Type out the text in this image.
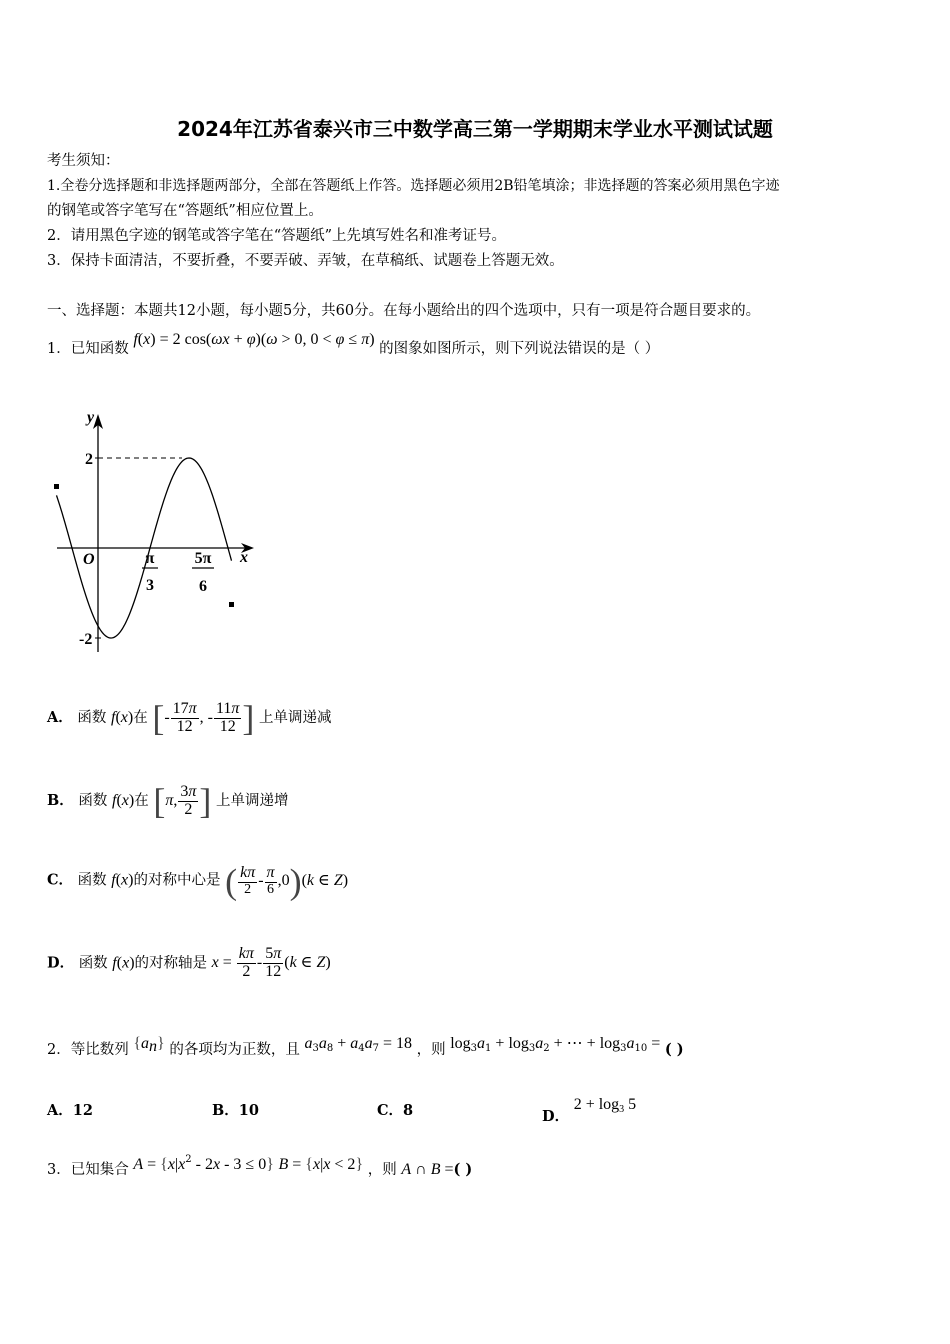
2024年江苏省泰兴市三中数学高三第一学期期末学业水平测试试题
考生须知：
1.全卷分选择题和非选择题两部分，全部在答题纸上作答。选择题必须用2B铅笔填涂；非选择题的答案必须用黑色字迹
的钢笔或答字笔写在“答题纸”相应位置上。
2．请用黑色字迹的钢笔或答字笔在“答题纸”上先填写姓名和准考证号。
3．保持卡面清洁，不要折叠，不要弄破、弄皱，在草稿纸、试题卷上答题无效。
一、选择题：本题共12小题，每小题5分，共60分。在每小题给出的四个选项中，只有一项是符合题目要求的。
1．已知函数 f(x) = 2 cos(ωx + φ)(ω > 0, 0 < φ ≤ π) 的图象如图所示，则下列说法错误的是（ ）
y
x
O
2
-2
π
3
5π
6
A． 函数 f(x)在 [- $\frac{17\pi}{12}$ , - $\frac{11\pi}{12}$ ] 上单调递减
B． 函数 f(x)在 [π, $\frac{3\pi}{2}$ ] 上单调递增
C． 函数 f(x)的对称中心是 ( $\frac{k\pi}{2} - \frac{\pi}{6} ,0)(k$ ∈ Z)
D． 函数 f(x)的对称轴是 $x = \frac{k\pi}{2} - \frac{5\pi}{12} (k$ ∈ Z)
2．等比数列 $\{a_n\}$ 的各项均为正数，且 $a_3a_8 + a_4a_7 = 18$ ，则 $\log_3a_1 + \log_3a_2$ + ⋯ + $\log_3a_{10}$ = ( )
A．12	B．10	C．8	D． $2 + \log_3 5$
3．已知集合 $A = \{x|x^2 - 2x - 3 \le 0\} B = \{x|x < 2\}$ ，则 A ∩ B =( )
